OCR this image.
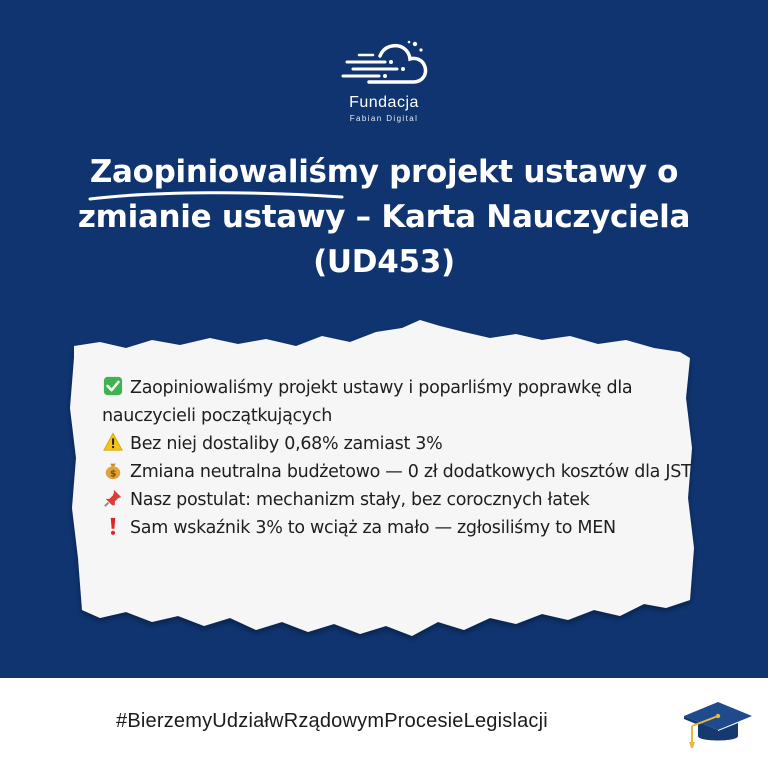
Fundacja
Fabian Digital
Zaopiniowaliśmy
projekt ustawy o
zmianie ustawy – Karta Nauczyciela
(UD453)
Zaopiniowaliśmy projekt ustawy i poparliśmy poprawkę dla nauczycieli początkujących
Bez niej dostaliby 0,68% zamiast 3%
$ Zmiana neutralna budżetowo — 0 zł dodatkowych kosztów dla JST
Nasz postulat: mechanizm stały, bez corocznych łatek
Sam wskaźnik 3% to wciąż za mało — zgłosiliśmy to MEN
#BierzemyUdziałwRządowymProcesieLegislacji
